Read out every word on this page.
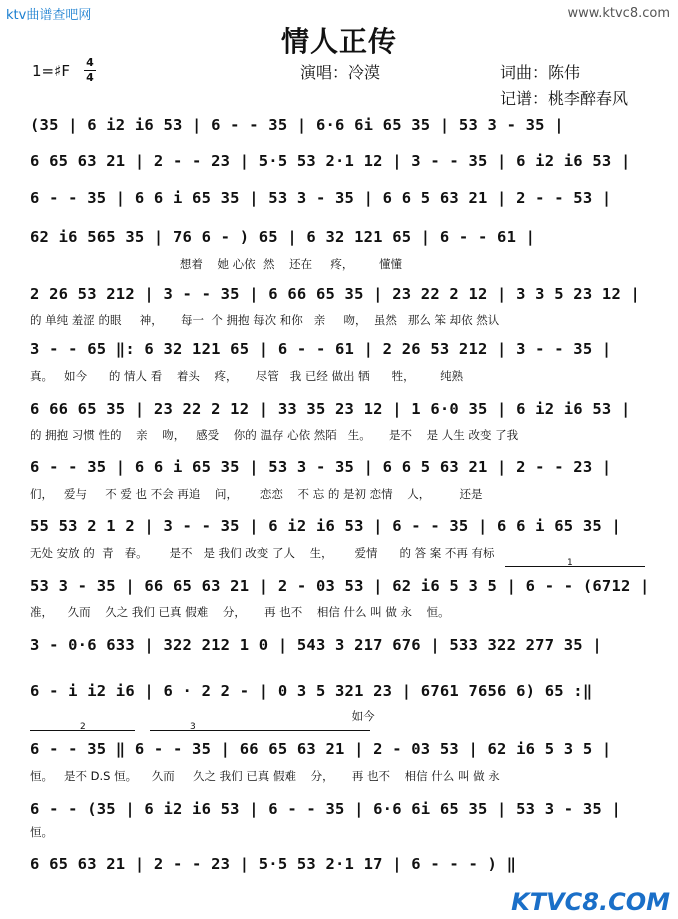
ktv曲谱查吧网	www.ktvc8.com
情人正传
1=♯F 4
4	演唱：冷漠	词曲：陈伟
记谱：桃李醉春风
(35 | 6 i2 i6 53 | 6 - - 35 | 6·6 6i 65 35 | 53 3 - 35 |
6 65 63 21 | 2 - - 23 | 5·5 53 2·1 12 | 3 - - 35 | 6 i2 i6 53 |
6 - - 35 | 6 6 i 65 35 | 53 3 - 35 | 6 6 5 63 21 | 2 - - 53 |
62 i6 565 35 | 76 6 - ) 65 | 6 32 121 65 | 6 - - 61 |
想着    她 心依  然    还在     疼，       懂懂
2 26 53 212 | 3 - - 35 | 6 66 65 35 | 23 22 2 12 | 3 3 5 23 12 |
的 单纯 羞涩 的眼     神，     每一  个 拥抱 每次 和你   亲     吻，  虽然   那么 笨 却依 然认
3 - - 65 ‖: 6 32 121 65 | 6 - - 61 | 2 26 53 212 | 3 - - 35 |
真。   如今      的 情人 看    着头    疼，     尽管   我 已经 做出 牺      牲，       纯熟
6 66 65 35 | 23 22 2 12 | 33 35 23 12 | 1 6·0 35 | 6 i2 i6 53 |
的 拥抱 习惯 性的    亲    吻，   感受    你的 温存 心依 然陌   生。     是不    是 人生 改变 了我
6 - - 35 | 6 6 i 65 35 | 53 3 - 35 | 6 6 5 63 21 | 2 - - 23 |
们，   爱与     不 爱 也 不会 再追    问，      恋恋    不 忘 的 是初 恋情    人，        还是
55 53 2 1 2 | 3 - - 35 | 6 i2 i6 53 | 6 - - 35 | 6 6 i 65 35 |
无处 安放 的  青   春。      是不   是 我们 改变 了人    生，      爱情      的 答 案 不再 有标
1
53 3 - 35 | 66 65 63 21 | 2 - 03 53 | 62 i6 5 3 5 | 6 - - (6712 |
准，    久而    久之 我们 已真 假难    分，     再 也不    相信 什么 叫 做 永    恒。
3 - 0·6 633 | 322 212 1 0 | 543 3 217 676 | 533 322 277 35 |
6 - i i2 i6 | 6 · 2 2 - | 0 3 5 321 23 | 6761 7656 6) 65 :‖
如今
2	3
6 - - 35 ‖ 6 - - 35 | 66 65 63 21 | 2 - 03 53 | 62 i6 5 3 5 |
恒。   是不 D.S 恒。    久而     久之 我们 已真 假难    分，     再 也不    相信 什么 叫 做 永
6 - - (35 | 6 i2 i6 53 | 6 - - 35 | 6·6 6i 65 35 | 53 3 - 35 |
恒。
6 65 63 21 | 2 - - 23 | 5·5 53 2·1 17 | 6 - - - ) ‖
KTVC8.COM
